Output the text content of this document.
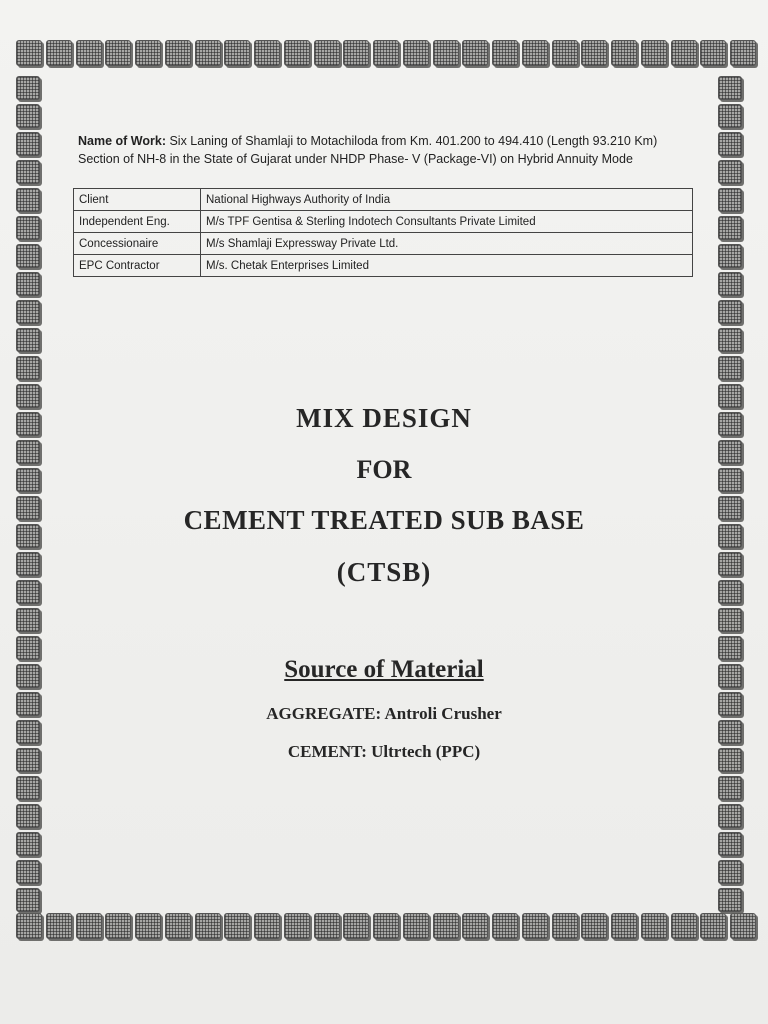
Name of Work: Six Laning of Shamlaji to Motachiloda from Km. 401.200 to 494.410 (Length 93.210 Km) Section of NH-8 in the State of Gujarat under NHDP Phase- V (Package-VI) on Hybrid Annuity Mode
Client	National Highways Authority of India
Independent Eng.	M/s TPF Gentisa & Sterling Indotech Consultants Private Limited
Concessionaire	M/s Shamlaji Expressway Private Ltd.
EPC Contractor	M/s. Chetak Enterprises Limited
MIX DESIGN
FOR
CEMENT TREATED SUB BASE
(CTSB)
Source of Material
AGGREGATE: Antroli Crusher
CEMENT: Ultrtech (PPC)
